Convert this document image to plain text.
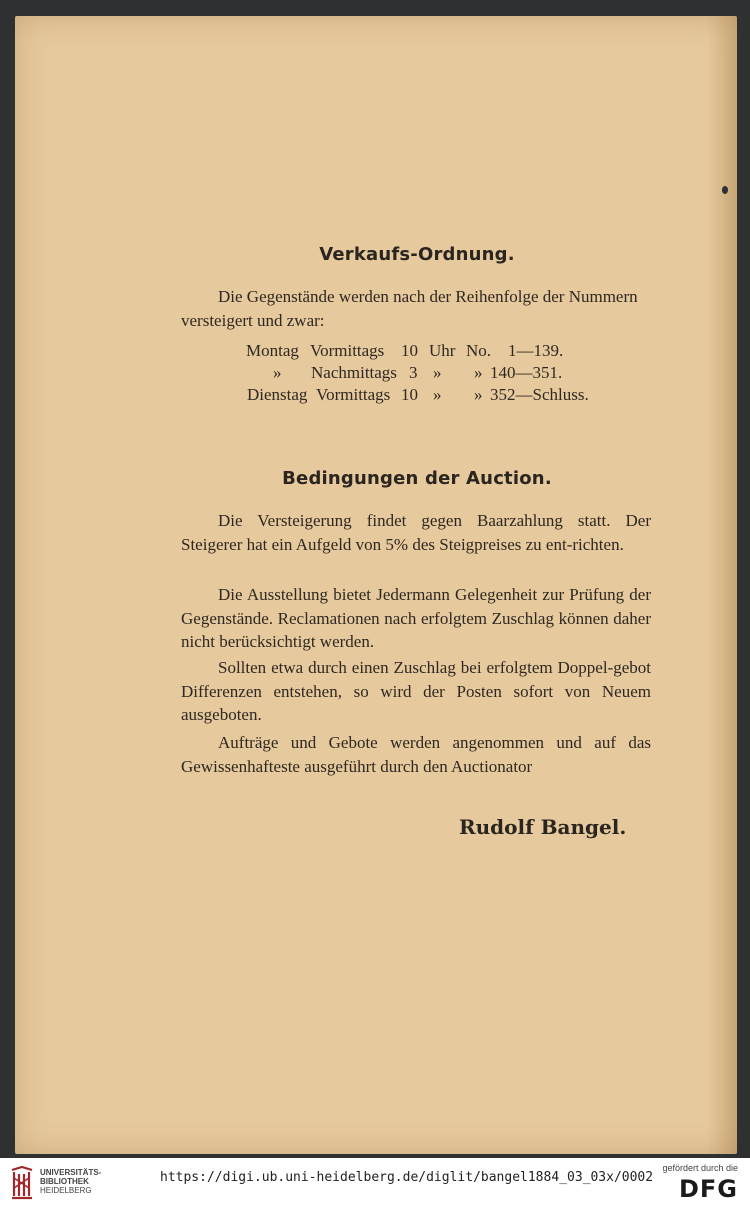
Verkaufs-Ordnung.
Die Gegenstände werden nach der Reihenfolge der Nummern
versteigert und zwar:
Montag Vormittags 10 Uhr No. 1—139.
» Nachmittags 3 » » 140—351.
Dienstag Vormittags 10 » » 352—Schluss.
Bedingungen der Auction.
Die Versteigerung findet gegen Baarzahlung statt. Der Steigerer hat ein Aufgeld von 5% des Steigpreises zu ent-richten.
Die Ausstellung bietet Jedermann Gelegenheit zur Prüfung der Gegenstände. Reclamationen nach erfolgtem Zuschlag können daher nicht berücksichtigt werden.
Sollten etwa durch einen Zuschlag bei erfolgtem Doppel-gebot Differenzen entstehen, so wird der Posten sofort von Neuem ausgeboten.
Aufträge und Gebote werden angenommen und auf das Gewissenhafteste ausgeführt durch den Auctionator
Rudolf Bangel.
UNIVERSITÄTS-
BIBLIOTHEK
HEIDELBERG
https://digi.ub.uni-heidelberg.de/diglit/bangel1884_03_03x/0002
gefördert durch die
DFG
